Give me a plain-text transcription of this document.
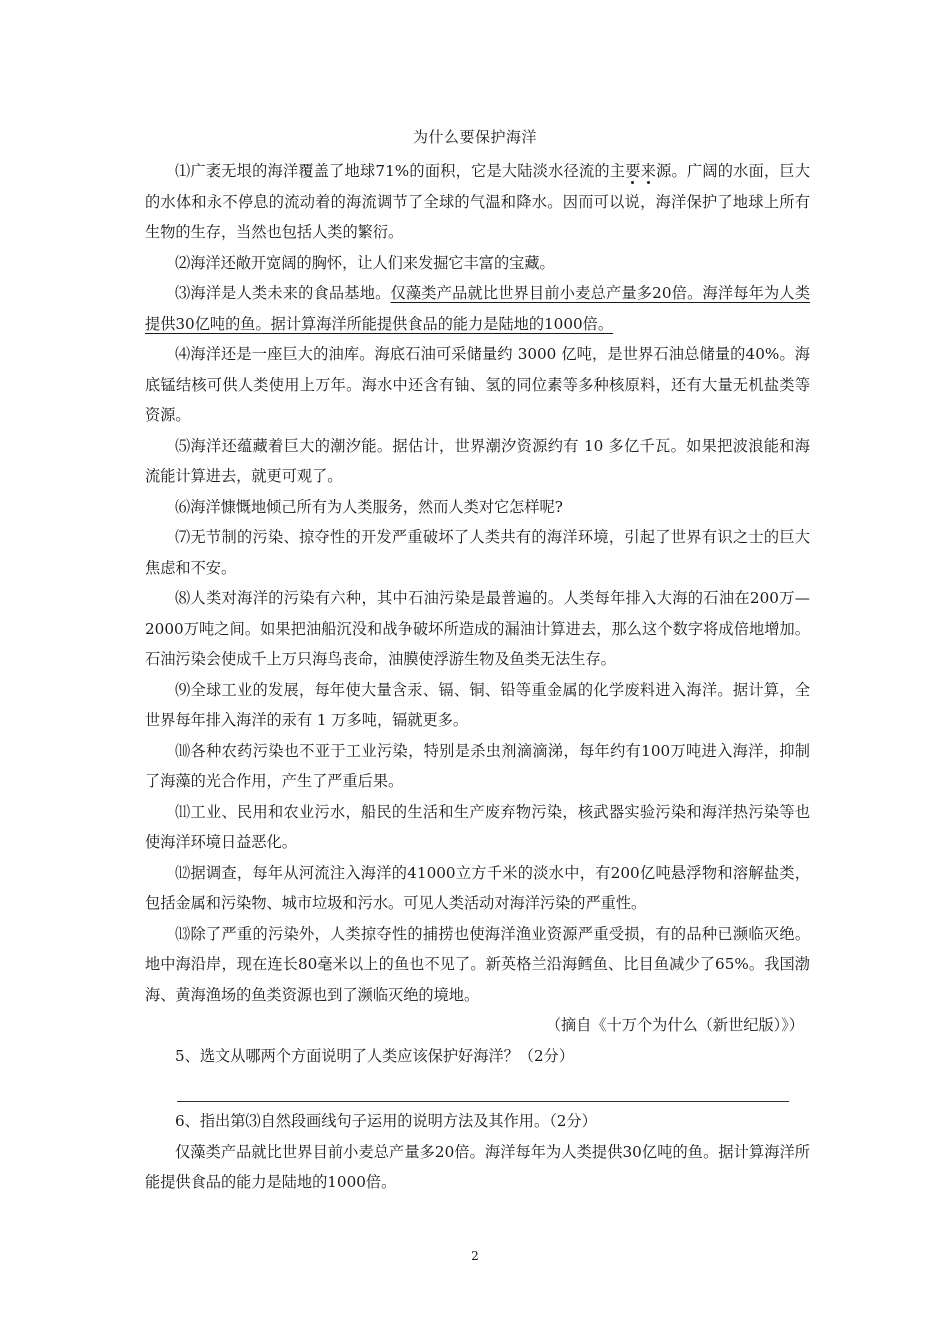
为什么要保护海洋

⑴广袤无垠的海洋覆盖了地球71%的面积，它是大陆淡水径流的主要来源。广阔的水面，巨大的水体和永不停息的流动着的海流调节了全球的气温和降水。因而可以说，海洋保护了地球上所有生物的生存，当然也包括人类的繁衍。

⑵海洋还敞开宽阔的胸怀，让人们来发掘它丰富的宝藏。

⑶海洋是人类未来的食品基地。仅藻类产品就比世界目前小麦总产量多20倍。海洋每年为人类提供30亿吨的鱼。据计算海洋所能提供食品的能力是陆地的1000倍。

⑷海洋还是一座巨大的油库。海底石油可采储量约 3000 亿吨，是世界石油总储量的40%。海底锰结核可供人类使用上万年。海水中还含有铀、氢的同位素等多种核原料，还有大量无机盐类等资源。

⑸海洋还蕴藏着巨大的潮汐能。据估计，世界潮汐资源约有 10 多亿千瓦。如果把波浪能和海流能计算进去，就更可观了。

⑹海洋慷慨地倾己所有为人类服务，然而人类对它怎样呢?

⑺无节制的污染、掠夺性的开发严重破坏了人类共有的海洋环境，引起了世界有识之士的巨大焦虑和不安。

⑻人类对海洋的污染有六种，其中石油污染是最普遍的。人类每年排入大海的石油在200万—2000万吨之间。如果把油船沉没和战争破坏所造成的漏油计算进去，那么这个数字将成倍地增加。石油污染会使成千上万只海鸟丧命，油膜使浮游生物及鱼类无法生存。

⑼全球工业的发展，每年使大量含汞、镉、铜、铅等重金属的化学废料进入海洋。据计算，全世界每年排入海洋的汞有 1 万多吨，镉就更多。

⑽各种农药污染也不亚于工业污染，特别是杀虫剂滴滴涕，每年约有100万吨进入海洋，抑制了海藻的光合作用，产生了严重后果。

⑾工业、民用和农业污水，船民的生活和生产废弃物污染，核武器实验污染和海洋热污染等也使海洋环境日益恶化。

⑿据调查，每年从河流注入海洋的41000立方千米的淡水中，有200亿吨悬浮物和溶解盐类，包括金属和污染物、城市垃圾和污水。可见人类活动对海洋污染的严重性。

⒀除了严重的污染外，人类掠夺性的捕捞也使海洋渔业资源严重受损，有的品种已濒临灭绝。地中海沿岸，现在连长80毫米以上的鱼也不见了。新英格兰沿海鳕鱼、比目鱼减少了65%。我国渤海、黄海渔场的鱼类资源也到了濒临灭绝的境地。

（摘自《十万个为什么（新世纪版）》）

5、选文从哪两个方面说明了人类应该保护好海洋？（2分）

6、指出第⑶自然段画线句子运用的说明方法及其作用。（2分）

仅藻类产品就比世界目前小麦总产量多20倍。海洋每年为人类提供30亿吨的鱼。据计算海洋所能提供食品的能力是陆地的1000倍。

2
